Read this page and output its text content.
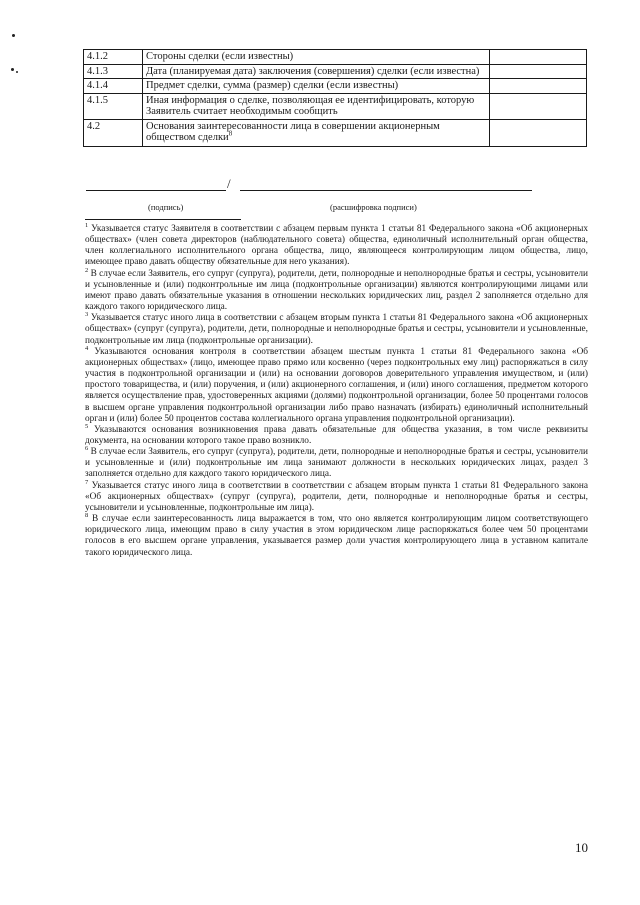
4.1.2	Стороны сделки (если известны)	
4.1.3	Дата (планируемая дата) заключения (совершения) сделки (если известна)	
4.1.4	Предмет сделки, сумма (размер) сделки (если известны)	
4.1.5	Иная информация о сделке, позволяющая ее идентифицировать, которую Заявитель считает необходимым сообщить	
4.2	Основания заинтересованности лица в совершении акционерным обществом сделки$^8$	
/
(подпись)	(расшифровка подписи)

$^1$ Указывается статус Заявителя в соответствии с абзацем первым пункта 1 статьи 81 Федерального закона «Об акционерных обществах» (член совета директоров (наблюдательного совета) общества, единоличный исполнительный орган общества, член коллегиального исполнительного органа общества, лицо, являющееся контролирующим лицом общества, лицо, имеющее право давать обществу обязательные для него указания).

$^2$ В случае если Заявитель, его супруг (супруга), родители, дети, полнородные и неполнородные братья и сестры, усыновители и усыновленные и (или) подконтрольные им лица (подконтрольные организации) являются контролирующими лицами или имеют право давать обязательные указания в отношении нескольких юридических лиц, раздел 2 заполняется отдельно для каждого такого юридического лица.

$^3$ Указывается статус иного лица в соответствии с абзацем вторым пункта 1 статьи 81 Федерального закона «Об акционерных обществах» (супруг (супруга), родители, дети, полнородные и неполнородные братья и сестры, усыновители и усыновленные, подконтрольные им лица (подконтрольные организации).

$^4$ Указываются основания контроля в соответствии абзацем шестым пункта 1 статьи 81 Федерального закона «Об акционерных обществах» (лицо, имеющее право прямо или косвенно (через подконтрольных ему лиц) распоряжаться в силу участия в подконтрольной организации и (или) на основании договоров доверительного управления имуществом, и (или) простого товарищества, и (или) поручения, и (или) акционерного соглашения, и (или) иного соглашения, предметом которого является осуществление прав, удостоверенных акциями (долями) подконтрольной организации, более 50 процентами голосов в высшем органе управления подконтрольной организации либо право назначать (избирать) единоличный исполнительный орган и (или) более 50 процентов состава коллегиального органа управления подконтрольной организации).

$^5$ Указываются основания возникновения права давать обязательные для общества указания, в том числе реквизиты документа, на основании которого такое право возникло.

$^6$ В случае если Заявитель, его супруг (супруга), родители, дети, полнородные и неполнородные братья и сестры, усыновители и усыновленные и (или) подконтрольные им лица занимают должности в нескольких юридических лицах, раздел 3 заполняется отдельно для каждого такого юридического лица.

$^7$ Указывается статус иного лица в соответствии в соответствии с абзацем вторым пункта 1 статьи 81 Федерального закона «Об акционерных обществах» (супруг (супруга), родители, дети, полнородные и неполнородные братья и сестры, усыновители и усыновленные, подконтрольные им лица).

$^8$ В случае если заинтересованность лица выражается в том, что оно является контролирующим лицом соответствующего юридического лица, имеющим право в силу участия в этом юридическом лице распоряжаться более чем 50 процентами голосов в его высшем органе управления, указывается размер доли участия контролирующего лица в уставном капитале такого юридического лица.

10
